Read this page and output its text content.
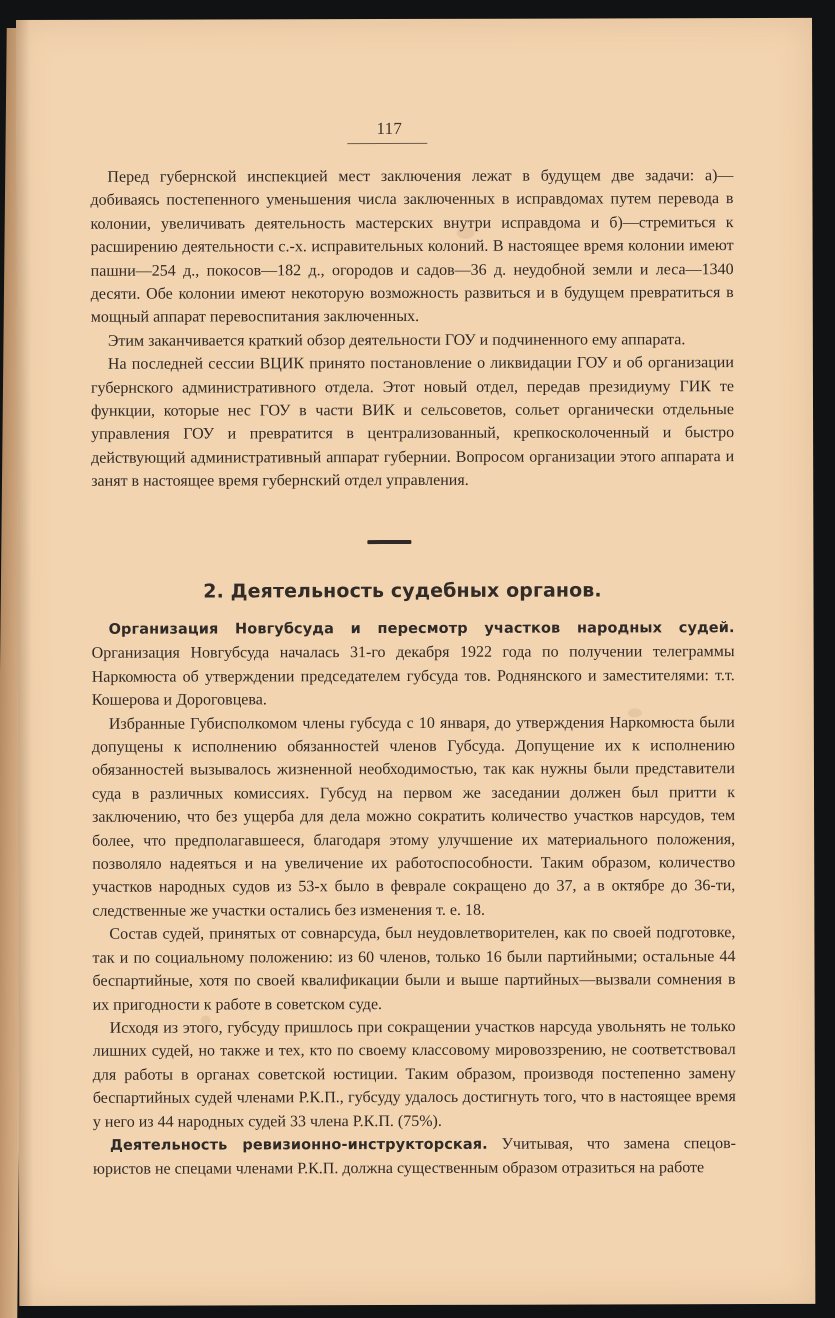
117

Перед губернской инспекцией мест заключения лежат в будущем две задачи: а)—добиваясь постепенного уменьшения числа заключенных в исправдомах путем перевода в колонии, увеличивать деятельность мастерских внутри исправдома и б)—стремиться к расширению деятельности с.-х. исправительных колоний. В настоящее время колонии имеют пашни—254 д., покосов—182 д., огородов и садов—36 д. неудобной земли и леса—1340 десяти. Обе колонии имеют некоторую возможность развиться и в будущем превратиться в мощный аппарат перевоспитания заключенных.

Этим заканчивается краткий обзор деятельности ГОУ и подчиненного ему аппарата.

На последней сессии ВЦИК принято постановление о ликвидации ГОУ и об организации губернского административного отдела. Этот новый отдел, передав президиуму ГИК те функции, которые нес ГОУ в части ВИК и сельсоветов, сольет органически отдельные управления ГОУ и превратится в централизованный, крепкосколоченный и быстро действующий административный аппарат губернии. Вопросом организации этого аппарата и занят в настоящее время губернский отдел управления.

2. Деятельность судебных органов.

Организация Новгубсуда и пересмотр участков народных судей. Организация Новгубсуда началась 31-го декабря 1922 года по получении телеграммы Наркомюста об утверждении председателем губсуда тов. Роднянского и заместителями: т.т. Кошерова и Дороговцева.

Избранные Губисполкомом члены губсуда с 10 января, до утверждения Наркомюста были допущены к исполнению обязанностей членов Губсуда. Допущение их к исполнению обязанностей вызывалось жизненной необходимостью, так как нужны были представители суда в различных комиссиях. Губсуд на первом же заседании должен был притти к заключению, что без ущерба для дела можно сократить количество участков нарсудов, тем более, что предполагавшееся, благодаря этому улучшение их материального положения, позволяло надеяться и на увеличение их работоспособности. Таким образом, количество участков народных судов из 53-х было в феврале сокращено до 37, а в октябре до 36-ти, следственные же участки остались без изменения т. е. 18.

Состав судей, принятых от совнарсуда, был неудовлетворителен, как по своей подготовке, так и по социальному положению: из 60 членов, только 16 были партийными; остальные 44 беспартийные, хотя по своей квалификации были и выше партийных—вызвали сомнения в их пригодности к работе в советском суде.

Исходя из этого, губсуду пришлось при сокращении участков нарсуда увольнять не только лишних судей, но также и тех, кто по своему классовому мировоззрению, не соответствовал для работы в органах советской юстиции. Таким образом, производя постепенно замену беспартийных судей членами Р.К.П., губсуду удалось достигнуть того, что в настоящее время у него из 44 народных судей 33 члена Р.К.П. (75%).

Деятельность ревизионно-инструкторская. Учитывая, что замена спецов-юристов не спецами членами Р.К.П. должна существенным образом отразиться на работе
